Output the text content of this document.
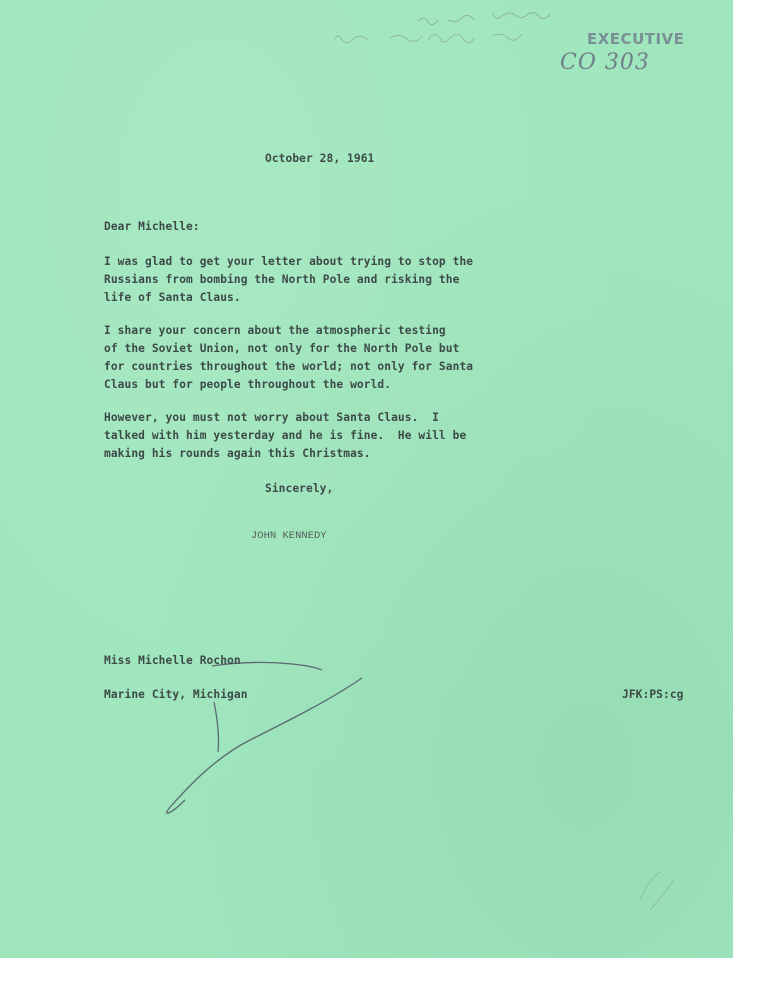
EXECUTIVE
CO 303
October 28, 1961
Dear Michelle:
I was glad to get your letter about trying to stop the
Russians from bombing the North Pole and risking the
life of Santa Claus.
I share your concern about the atmospheric testing
of the Soviet Union, not only for the North Pole but
for countries throughout the world; not only for Santa
Claus but for people throughout the world.
However, you must not worry about Santa Claus.  I
talked with him yesterday and he is fine.  He will be
making his rounds again this Christmas.
Sincerely,
JOHN KENNEDY
Miss Michelle Rochon
Marine City, Michigan	JFK:PS:cg
